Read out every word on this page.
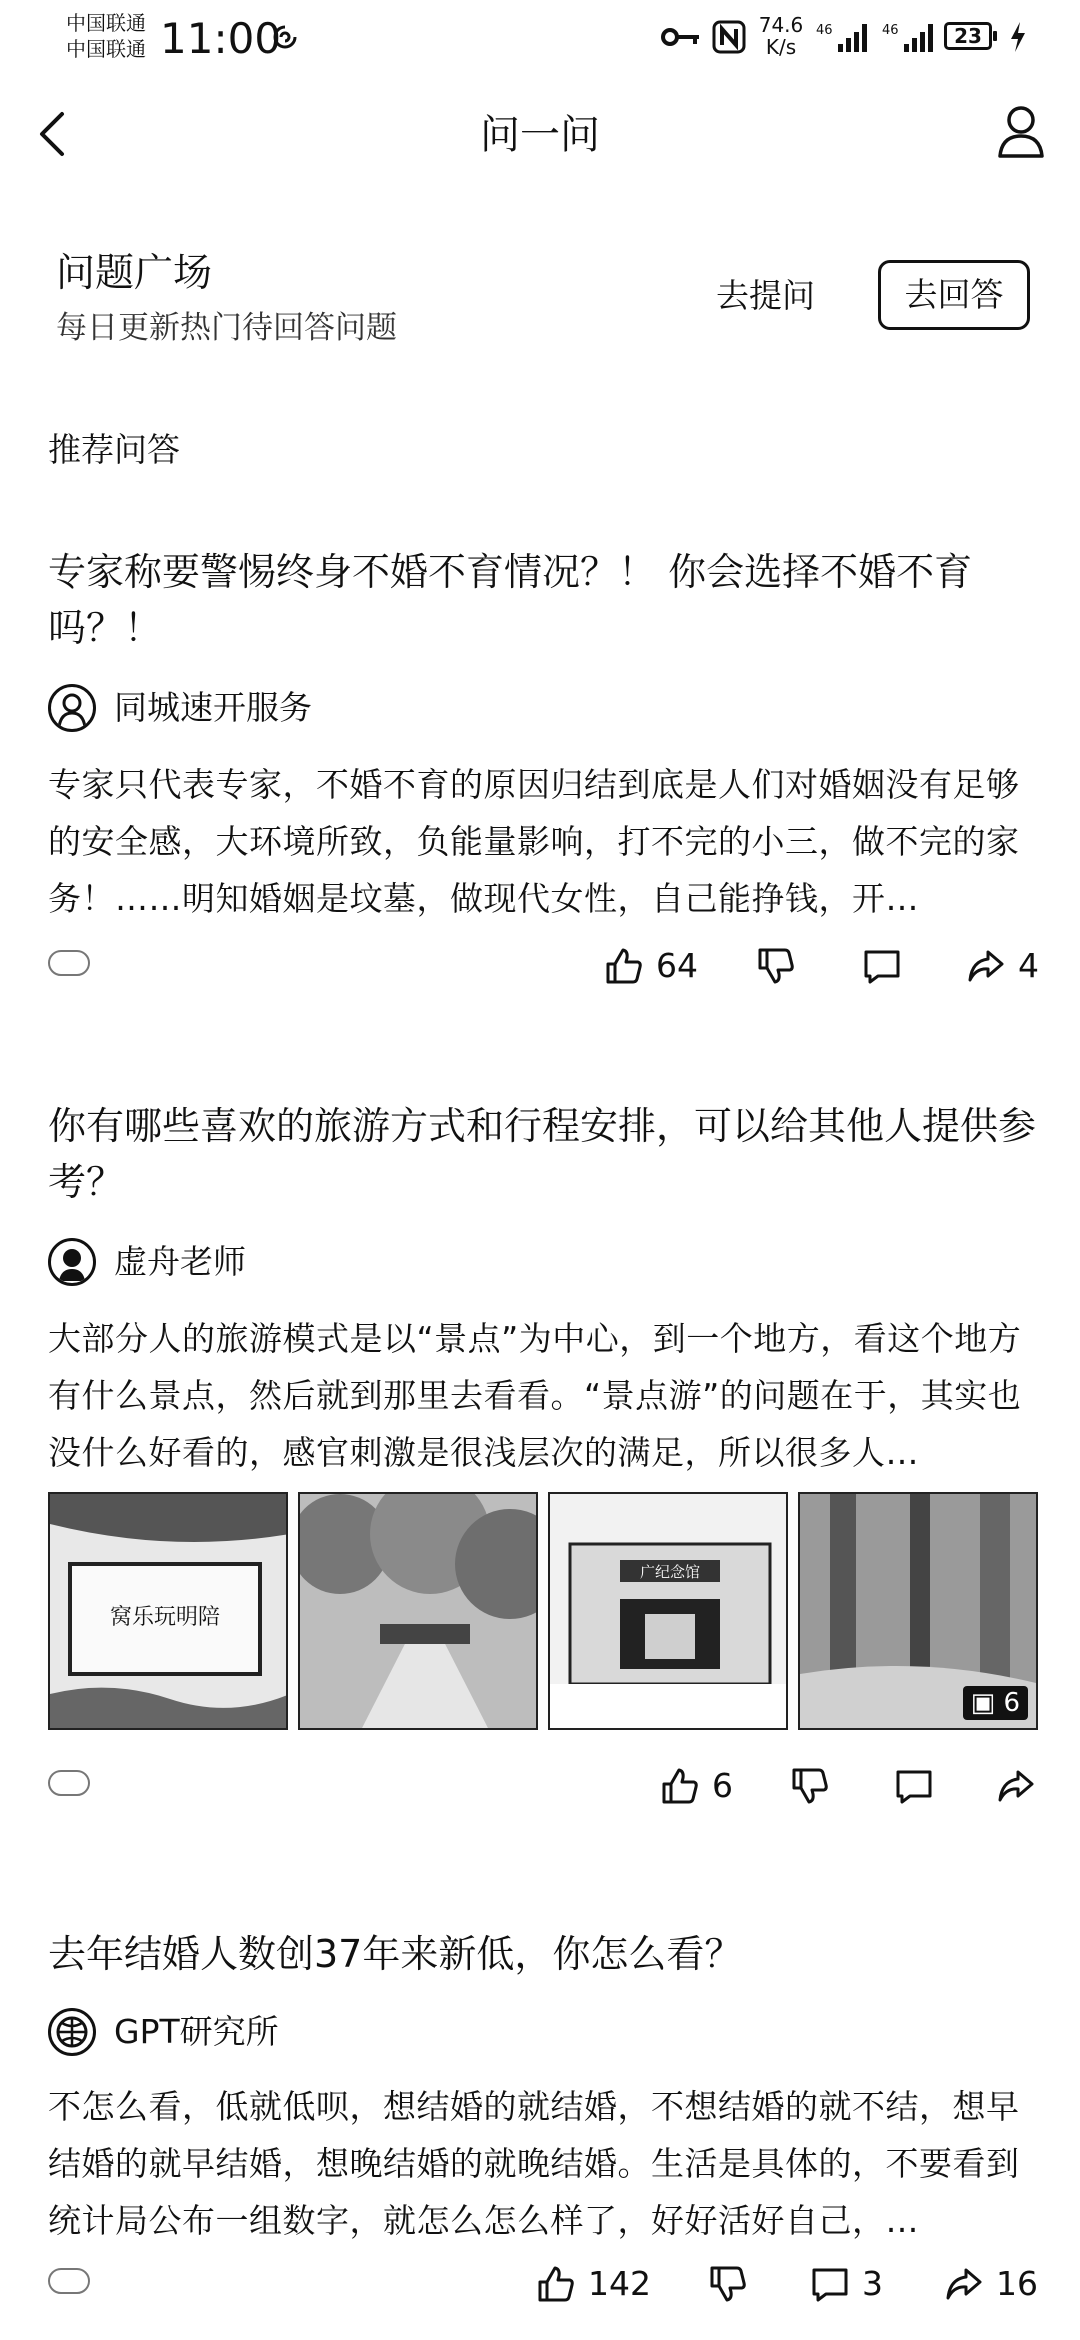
中国联通
中国联通 11:00	74.6
K/s
46	46	23
问一问
问题广场
每日更新热门待回答问题
去提问	去回答
推荐问答
专家称要警惕终身不婚不育情况？！ 你会选择不婚不育吗？！
同城速开服务
专家只代表专家，不婚不育的原因归结到底是人们对婚姻没有足够的安全感，大环境所致，负能量影响，打不完的小三，做不完的家务！……明知婚姻是坟墓，做现代女性，自己能挣钱，开…
64	4
你有哪些喜欢的旅游方式和行程安排，可以给其他人提供参考？
虚舟老师
大部分人的旅游模式是以“景点”为中心，到一个地方，看这个地方有什么景点，然后就到那里去看看。“景点游”的问题在于，其实也没什么好看的，感官刺激是很浅层次的满足，所以很多人…
窝乐玩明陪
广纪念馆
▣ 6
6
去年结婚人数创37年来新低，你怎么看？
GPT研究所
不怎么看，低就低呗，想结婚的就结婚，不想结婚的就不结，想早结婚的就早结婚，想晚结婚的就晚结婚。生活是具体的，不要看到统计局公布一组数字，就怎么怎么样了，好好活好自己，…
142	3	16
